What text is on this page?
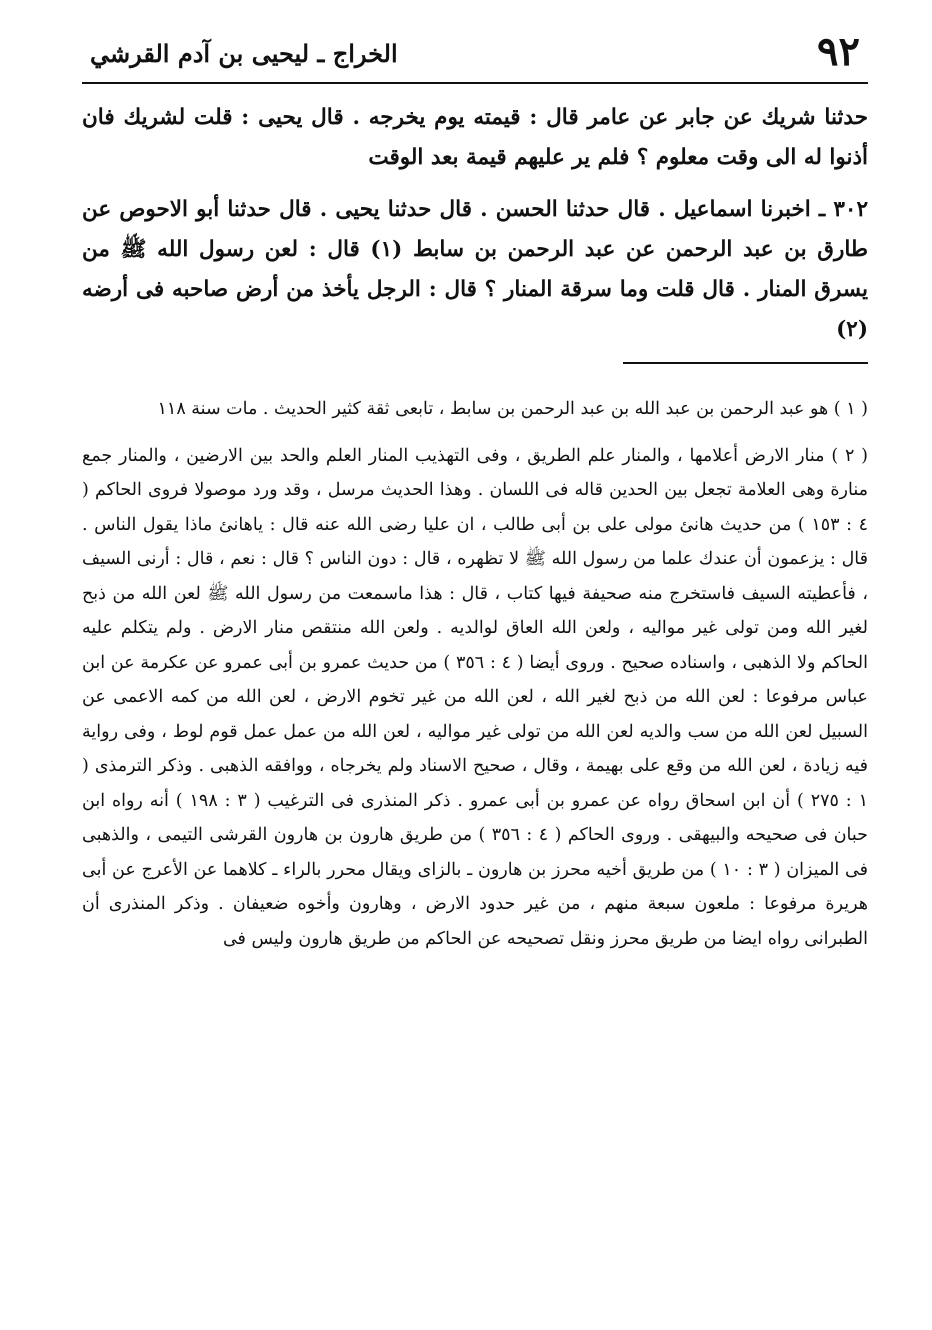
٩٢
الخراج ـ ليحيى بن آدم القرشي

حدثنا شريك عن جابر عن عامر قال : قيمته يوم يخرجه . قال يحيى : قلت لشريك فان أذنوا له الى وقت معلوم ؟ فلم ير عليهم قيمة بعد الوقت

٣٠٢ ـ اخبرنا اسماعيل . قال حدثنا الحسن . قال حدثنا يحيى . قال حدثنا أبو الاحوص عن طارق بن عبد الرحمن عن عبد الرحمن بن سابط (١) قال : لعن رسول الله ﷺ من يسرق المنار . قال قلت وما سرقة المنار ؟ قال : الرجل يأخذ من أرض صاحبه فى أرضه (٢)

( ١ ) هو عبد الرحمن بن عبد الله بن عبد الرحمن بن سابط ، تابعى ثقة كثير الحديث . مات سنة ١١٨

( ٢ ) منار الارض أعلامها ، والمنار علم الطريق ، وفى التهذيب المنار العلم والحد بين الارضين ، والمنار جمع منارة وهى العلامة تجعل بين الحدين قاله فى اللسان . وهذا الحديث مرسل ، وقد ورد موصولا فروى الحاكم ( ٤ : ١٥٣ ) من حديث هانئ مولى على بن أبى طالب ، ان عليا رضى الله عنه قال : ياهانئ ماذا يقول الناس . قال : يزعمون أن عندك علما من رسول الله ﷺ لا تظهره ، قال : دون الناس ؟ قال : نعم ، قال : أرنى السيف ، فأعطيته السيف فاستخرج منه صحيفة فيها كتاب ، قال : هذا ماسمعت من رسول الله ﷺ لعن الله من ذبح لغير الله ومن تولى غير مواليه ، ولعن الله العاق لوالديه . ولعن الله منتقص منار الارض . ولم يتكلم عليه الحاكم ولا الذهبى ، واسناده صحيح . وروى أيضا ( ٤ : ٣٥٦ ) من حديث عمرو بن أبى عمرو عن عكرمة عن ابن عباس مرفوعا : لعن الله من ذبح لغير الله ، لعن الله من غير تخوم الارض ، لعن الله من كمه الاعمى عن السبيل لعن الله من سب والديه لعن الله من تولى غير مواليه ، لعن الله من عمل عمل قوم لوط ، وفى رواية فيه زيادة ، لعن الله من وقع على بهيمة ، وقال ، صحيح الاسناد ولم يخرجاه ، ووافقه الذهبى . وذكر الترمذى ( ١ : ٢٧٥ ) أن ابن اسحاق رواه عن عمرو بن أبى عمرو . ذكر المنذرى فى الترغيب ( ٣ : ١٩٨ ) أنه رواه ابن حبان فى صحيحه والبيهقى . وروى الحاكم ( ٤ : ٣٥٦ ) من طريق هارون بن هارون القرشى التيمى ، والذهبى فى الميزان ( ٣ : ١٠ ) من طريق أخيه محرز بن هارون ـ بالزاى ويقال محرر بالراء ـ كلاهما عن الأعرج عن أبى هريرة مرفوعا : ملعون سبعة منهم ، من غير حدود الارض ، وهارون وأخوه ضعيفان . وذكر المنذرى أن الطبرانى رواه ايضا من طريق محرز ونقل تصحيحه عن الحاكم من طريق هارون وليس فى
